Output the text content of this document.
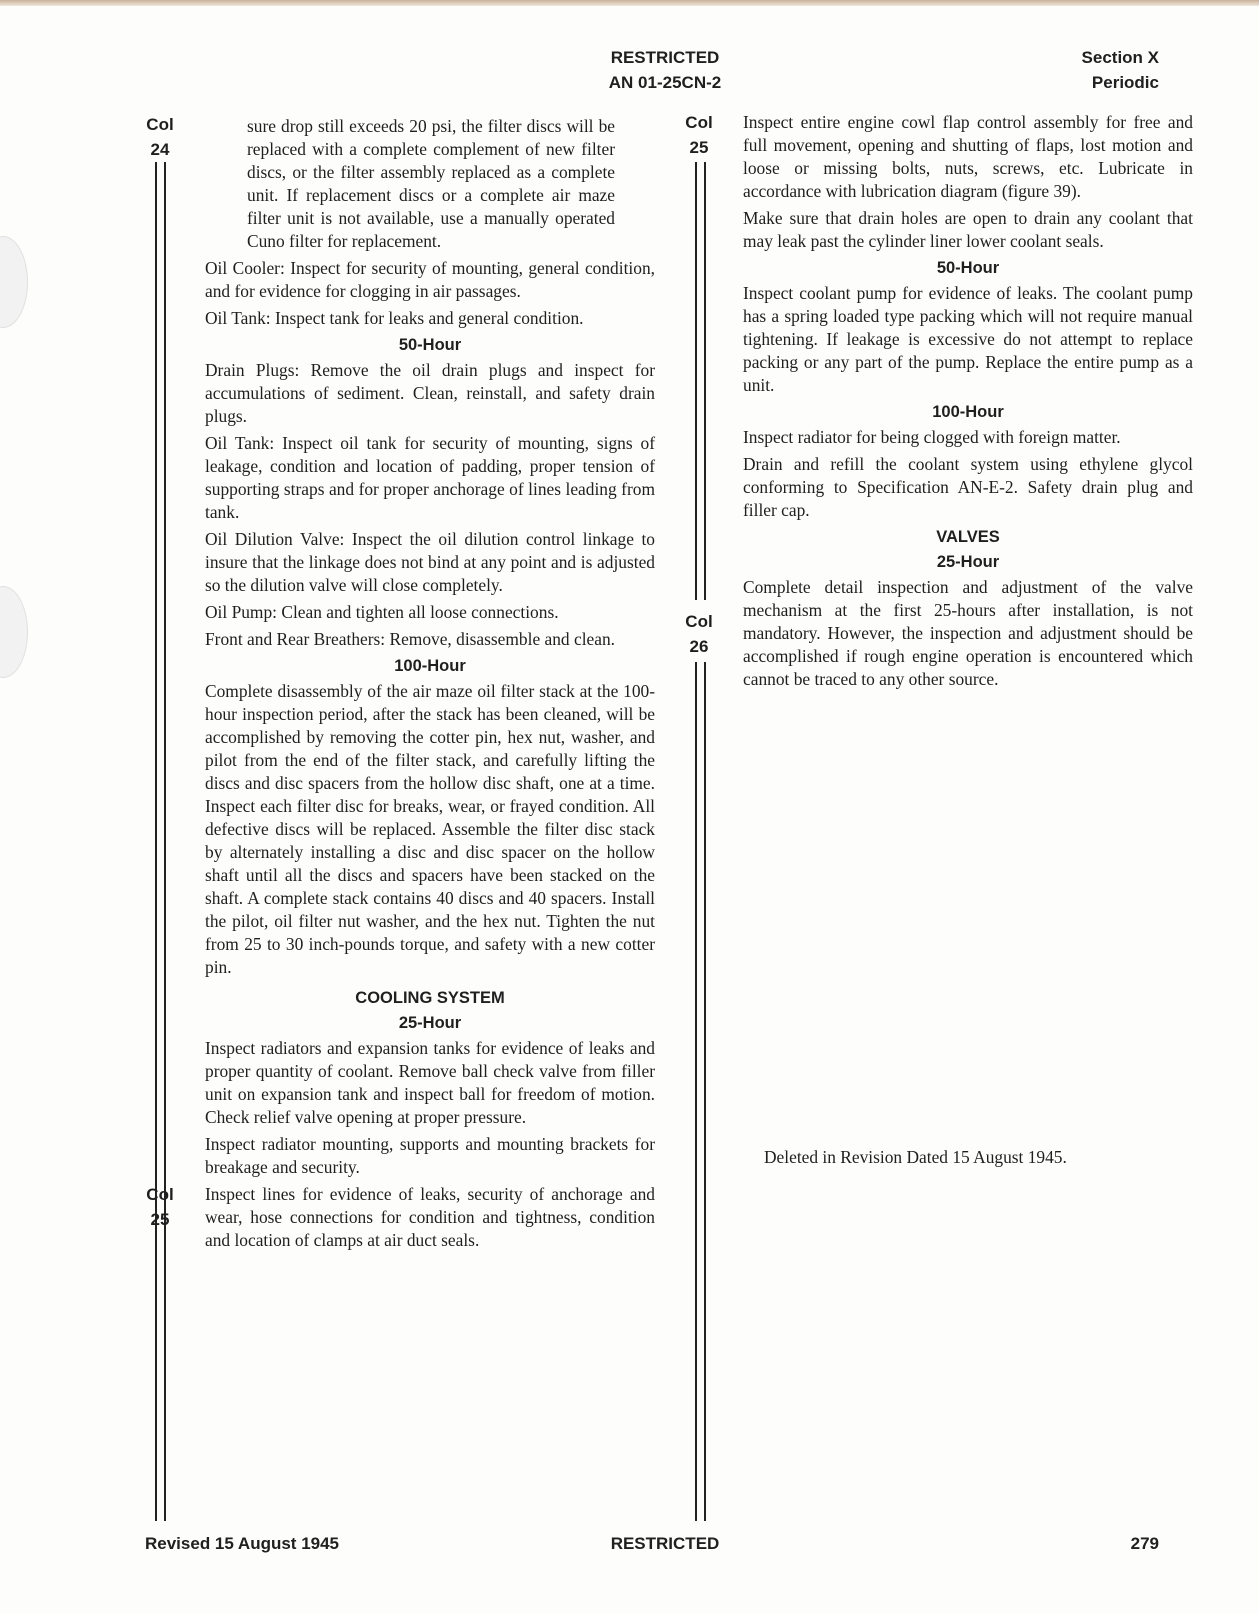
RESTRICTED
AN 01-25CN-2
Section X
Periodic
Col
24
Col
25
Col
25
Col
26

sure drop still exceeds 20 psi, the filter discs will be replaced with a complete complement of new filter discs, or the filter assembly replaced as a complete unit. If replacement discs or a complete air maze filter unit is not available, use a manually operated Cuno filter for replacement.

Oil Cooler: Inspect for security of mounting, general condition, and for evidence for clogging in air passages.

Oil Tank: Inspect tank for leaks and general condition.

50-Hour

Drain Plugs: Remove the oil drain plugs and inspect for accumulations of sediment. Clean, reinstall, and safety drain plugs.

Oil Tank: Inspect oil tank for security of mounting, signs of leakage, condition and location of padding, proper tension of supporting straps and for proper anchorage of lines leading from tank.

Oil Dilution Valve: Inspect the oil dilution control linkage to insure that the linkage does not bind at any point and is adjusted so the dilution valve will close completely.

Oil Pump: Clean and tighten all loose connections.

Front and Rear Breathers: Remove, disassemble and clean.

100-Hour

Complete disassembly of the air maze oil filter stack at the 100-hour inspection period, after the stack has been cleaned, will be accomplished by removing the cotter pin, hex nut, washer, and pilot from the end of the filter stack, and carefully lifting the discs and disc spacers from the hollow disc shaft, one at a time. Inspect each filter disc for breaks, wear, or frayed condition. All defective discs will be replaced. Assemble the filter disc stack by alternately installing a disc and disc spacer on the hollow shaft until all the discs and spacers have been stacked on the shaft. A complete stack contains 40 discs and 40 spacers. Install the pilot, oil filter nut washer, and the hex nut. Tighten the nut from 25 to 30 inch-pounds torque, and safety with a new cotter pin.

COOLING SYSTEM
25-Hour

Inspect radiators and expansion tanks for evidence of leaks and proper quantity of coolant. Remove ball check valve from filler unit on expansion tank and inspect ball for freedom of motion. Check relief valve opening at proper pressure.

Inspect radiator mounting, supports and mounting brackets for breakage and security.

Inspect lines for evidence of leaks, security of anchorage and wear, hose connections for condition and tightness, condition and location of clamps at air duct seals.

Inspect entire engine cowl flap control assembly for free and full movement, opening and shutting of flaps, lost motion and loose or missing bolts, nuts, screws, etc. Lubricate in accordance with lubrication diagram (figure 39).

Make sure that drain holes are open to drain any coolant that may leak past the cylinder liner lower coolant seals.

50-Hour

Inspect coolant pump for evidence of leaks. The coolant pump has a spring loaded type packing which will not require manual tightening. If leakage is excessive do not attempt to replace packing or any part of the pump. Replace the entire pump as a unit.

100-Hour

Inspect radiator for being clogged with foreign matter.

Drain and refill the coolant system using ethylene glycol conforming to Specification AN-E-2. Safety drain plug and filler cap.

VALVES
25-Hour

Complete detail inspection and adjustment of the valve mechanism at the first 25-hours after installation, is not mandatory. However, the inspection and adjustment should be accomplished if rough engine operation is encountered which cannot be traced to any other source.

Deleted in Revision Dated 15 August 1945.
Revised 15 August 1945	RESTRICTED	279
